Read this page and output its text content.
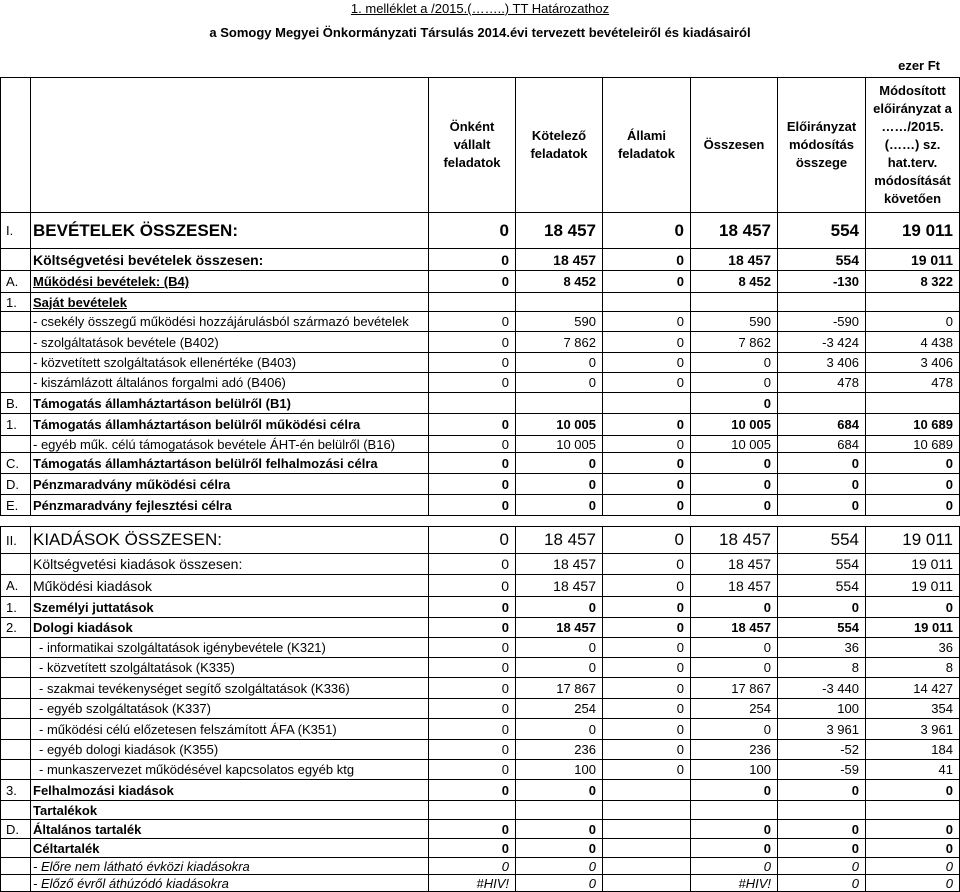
1. melléklet a /2015.(……..) TT Határozathoz
a Somogy Megyei Önkormányzati Társulás 2014.évi tervezett bevételeiről és kiadásairól
ezer Ft
		Önként vállalt feladatok	Kötelező feladatok	Állami feladatok	Összesen	Előirányzat módosítás összege	Módosított előirányzat a ……/2015.(……) sz. hat.terv. módosítását követően
I.	BEVÉTELEK ÖSSZESEN:	0	18 457	0	18 457	554	19 011
	Költségvetési bevételek összesen:	0	18 457	0	18 457	554	19 011
A.	Működési bevételek: (B4)	0	8 452	0	8 452	-130	8 322
1.	Saját bevételek						
	- csekély összegű működési hozzájárulásból származó bevételek	0	590	0	590	-590	0
	- szolgáltatások bevétele (B402)	0	7 862	0	7 862	-3 424	4 438
	- közvetített szolgáltatások ellenértéke (B403)	0	0	0	0	3 406	3 406
	- kiszámlázott általános forgalmi adó (B406)	0	0	0	0	478	478
B.	Támogatás államháztartáson belülről (B1)				0		
1.	Támogatás államháztartáson belülről működési célra	0	10 005	0	10 005	684	10 689
	- egyéb műk. célú támogatások bevétele ÁHT-én belülről (B16)	0	10 005	0	10 005	684	10 689
C.	Támogatás államháztartáson belülről felhalmozási célra	0	0	0	0	0	0
D.	Pénzmaradvány működési célra	0	0	0	0	0	0
E.	Pénzmaradvány fejlesztési célra	0	0	0	0	0	0

II.	KIADÁSOK ÖSSZESEN:	0	18 457	0	18 457	554	19 011
	Költségvetési kiadások összesen:	0	18 457	0	18 457	554	19 011
A.	Működési kiadások	0	18 457	0	18 457	554	19 011
1.	Személyi juttatások	0	0	0	0	0	0
2.	Dologi kiadások	0	18 457	0	18 457	554	19 011
	- informatikai szolgáltatások igénybevétele (K321)	0	0	0	0	36	36
	- közvetített szolgáltatások (K335)	0	0	0	0	8	8
	- szakmai tevékenységet segítő szolgáltatások (K336)	0	17 867	0	17 867	-3 440	14 427
	- egyéb szolgáltatások (K337)	0	254	0	254	100	354
	- működési célú előzetesen felszámított ÁFA (K351)	0	0	0	0	3 961	3 961
	- egyéb dologi kiadások (K355)	0	236	0	236	-52	184
	- munkaszervezet működésével kapcsolatos egyéb ktg	0	100	0	100	-59	41
3.	Felhalmozási kiadások	0	0		0	0	0
	Tartalékok						
D.	Általános tartalék	0	0		0	0	0
	Céltartalék	0	0		0	0	0
	- Előre nem látható évközi kiadásokra	0	0		0	0	0
	- Előző évről áthúzódó kiadásokra	#HIV!	0		#HIV!	0	0
